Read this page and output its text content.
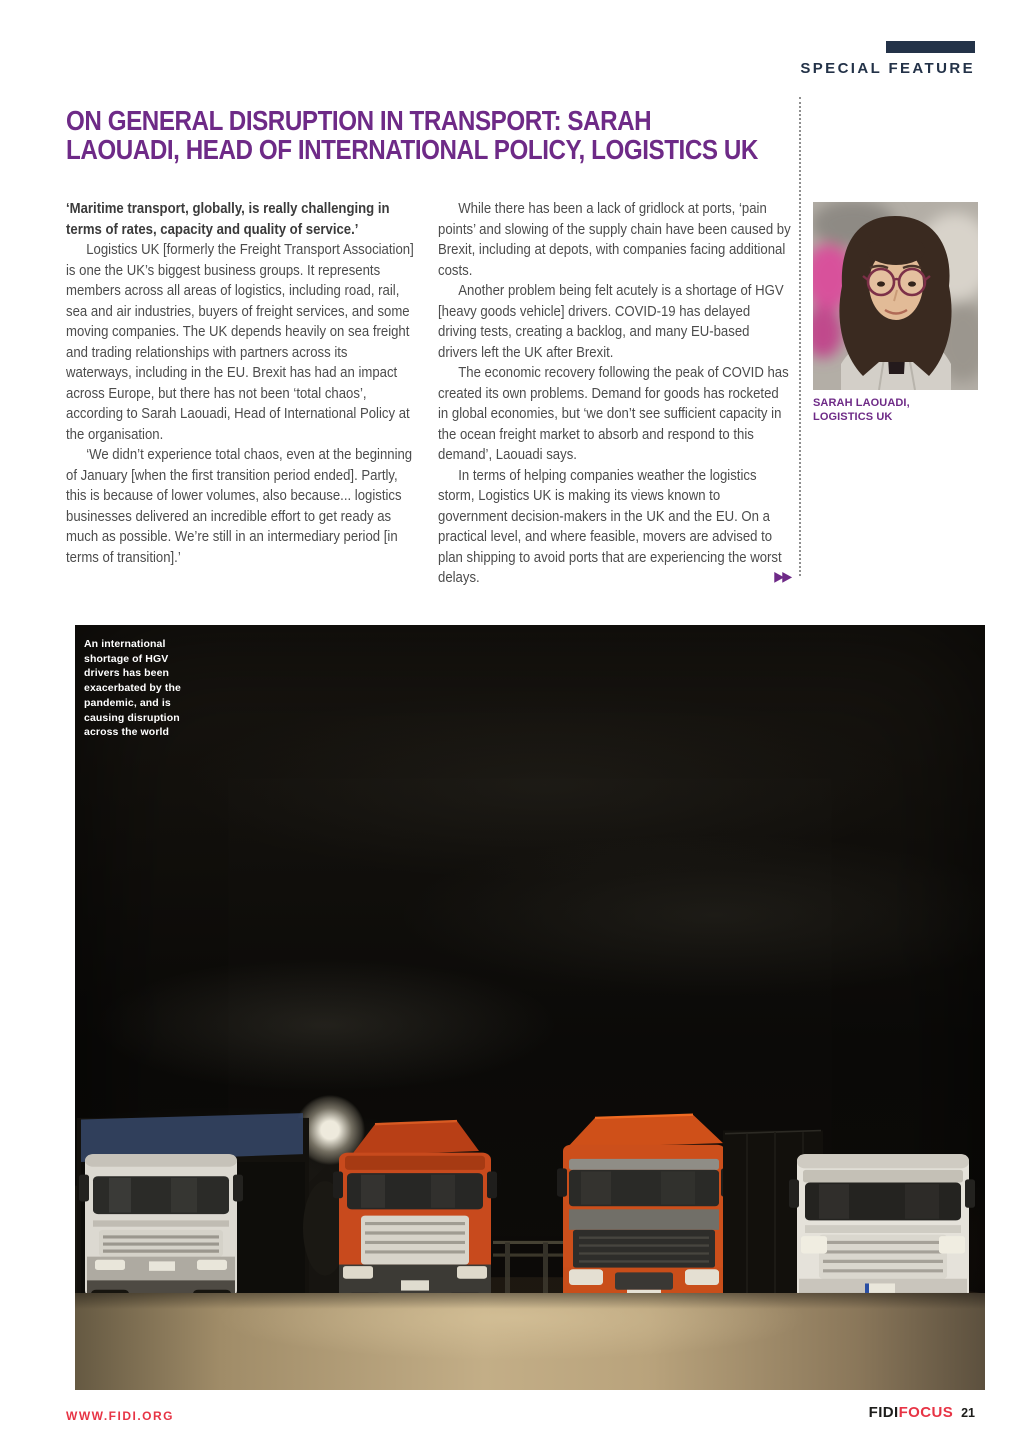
SPECIAL FEATURE
ON GENERAL DISRUPTION IN TRANSPORT: SARAH
LAOUADI, HEAD OF INTERNATIONAL POLICY, LOGISTICS UK

‘Maritime transport, globally, is really challenging in terms of rates, capacity and quality of service.’

Logistics UK [formerly the Freight Transport Association] is one the UK’s biggest business groups. It represents members across all areas of logistics, including road, rail, sea and air industries, buyers of freight services, and some moving companies. The UK depends heavily on sea freight and trading relationships with partners across its waterways, including in the EU. Brexit has had an impact across Europe, but there has not been ‘total chaos’, according to Sarah Laouadi, Head of International Policy at the organisation.

‘We didn’t experience total chaos, even at the beginning of January [when the first transition period ended]. Partly, this is because of lower volumes, also because... logistics businesses delivered an incredible effort to get ready as much as possible. We’re still in an intermediary period [in terms of transition].’

While there has been a lack of gridlock at ports, ‘pain points’ and slowing of the supply chain have been caused by Brexit, including at depots, with companies facing additional costs.

Another problem being felt acutely is a shortage of HGV [heavy goods vehicle] drivers. COVID-19 has delayed driving tests, creating a backlog, and many EU-based drivers left the UK after Brexit.

The economic recovery following the peak of COVID has created its own problems. Demand for goods has rocketed in global economies, but ‘we don’t see sufficient capacity in the ocean freight market to absorb and respond to this demand’, Laouadi says.

In terms of helping companies weather the logistics storm, Logistics UK is making its views known to government decision-makers in the UK and the EU. On a practical level, and where feasible, movers are advised to plan shipping to avoid ports that are experiencing the worst delays.	▶▶
SARAH LAOUADI,
LOGISTICS UK
An international
shortage of HGV
drivers has been
exacerbated by the
pandemic, and is
causing disruption
across the world
WWW.FIDI.ORG	FIDI FOCUS 21
